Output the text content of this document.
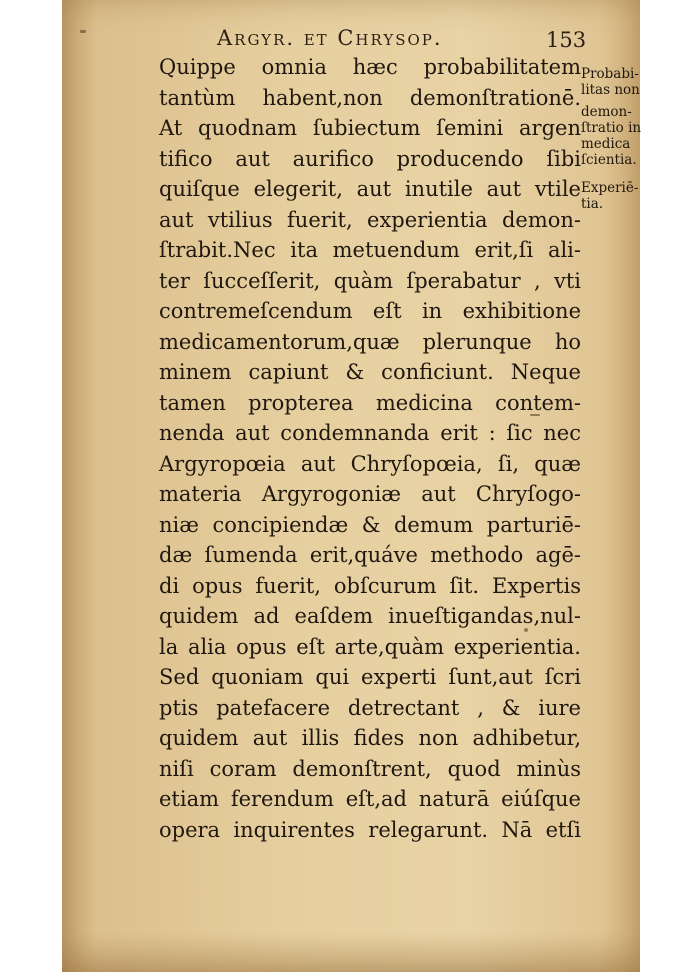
Argyr. et Chrysop.	153
Quippe omnia hæc probabilitatem
tantùm habent,non demonſtrationē.
At quodnam ſubiectum ſemini argen
tifico aut aurifico producendo ſibi
quiſque elegerit, aut inutile aut vtile
aut vtilius fuerit, experientia demon-
ſtrabit.Nec ita metuendum erit,ſi ali-
ter ſucceſſerit, quàm ſperabatur , vti
contremeſcendum eſt in exhibitione
medicamentorum,quæ plerunque ho
minem capiunt & conficiunt. Neque
tamen propterea medicina contem-
nenda aut condemnanda erit : ſic nec
Argyropœia aut Chryſopœia, ſi, quæ
materia Argyrogoniæ aut Chryſogo-
niæ concipiendæ & demum parturiē-
dæ ſumenda erit,quáve methodo agē-
di opus fuerit, obſcurum ſit. Expertis
quidem ad eaſdem inueſtigandas,nul-
la alia opus eſt arte,quàm experientia.
Sed quoniam qui experti ſunt,aut ſcri
ptis patefacere detrectant , & iure
quidem aut illis fides non adhibetur,
niſi coram demonſtrent, quod minùs
etiam ferendum eſt,ad naturā eiúſque
opera inquirentes relegarunt. Nā etſi
Probabi-
litas non
demon-
ſtratio in
medica
ſcientia.
Experiē-
tia.
